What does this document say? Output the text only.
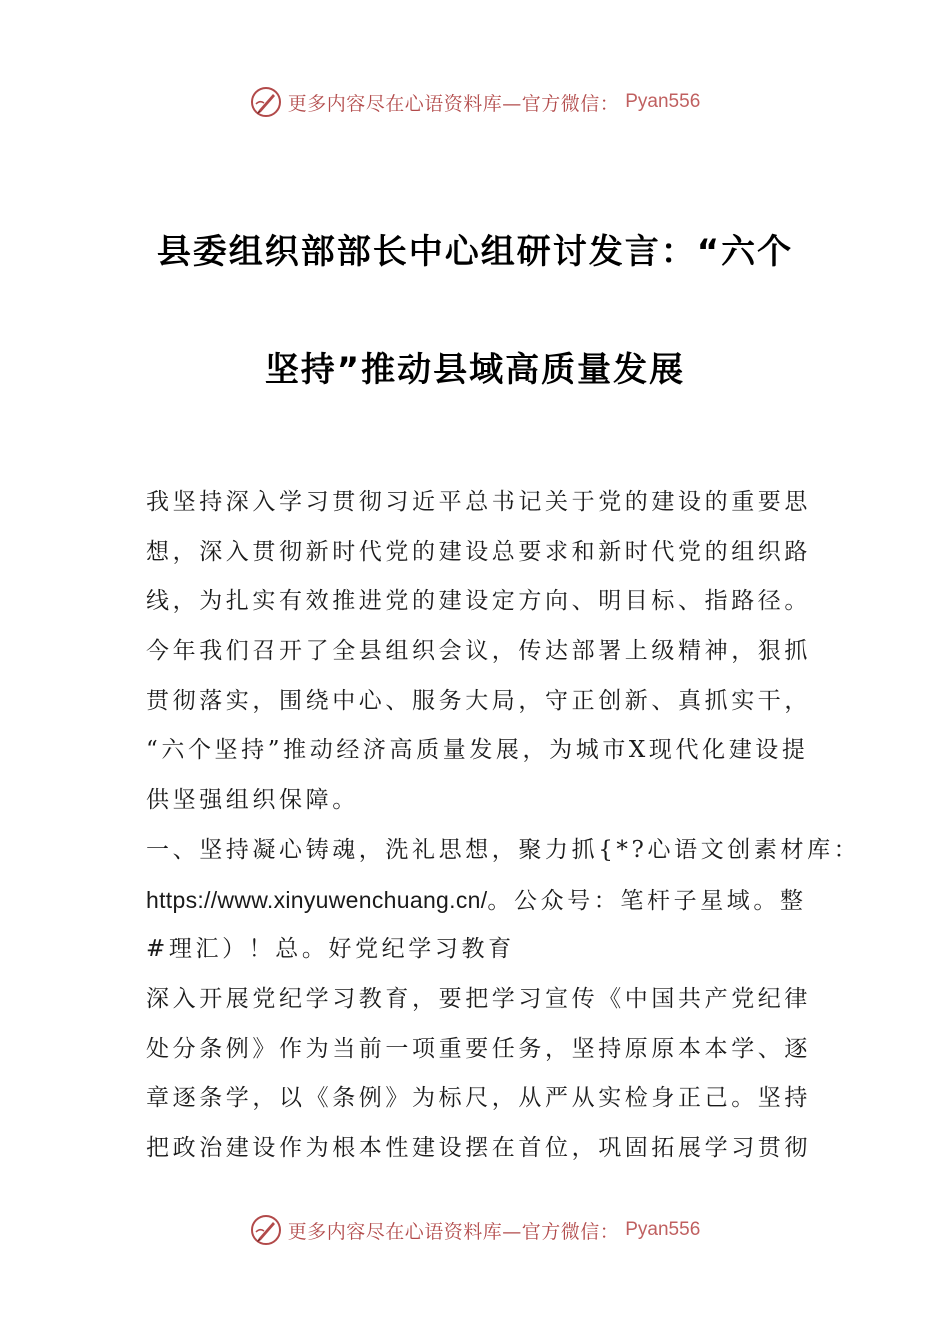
更多内容尽在心语资料库—官方微信： Pyan556
县委组织部部长中心组研讨发言：“六个
坚持”推动县域高质量发展
我坚持深入学习贯彻习近平总书记关于党的建设的重要思
想，深入贯彻新时代党的建设总要求和新时代党的组织路
线，为扎实有效推进党的建设定方向、明目标、指路径。
今年我们召开了全县组织会议，传达部署上级精神，狠抓
贯彻落实，围绕中心、服务大局，守正创新、真抓实干，
“六个坚持”推动经济高质量发展，为城市X现代化建设提
供坚强组织保障。
一、坚持凝心铸魂，洗礼思想，聚力抓{*?心语文创素材库：
https://www.xinyuwenchuang.cn/。公众号：笔杆子星域。整
#理汇）！总。好党纪学习教育
深入开展党纪学习教育，要把学习宣传《中国共产党纪律
处分条例》作为当前一项重要任务，坚持原原本本学、逐
章逐条学，以《条例》为标尺，从严从实检身正己。坚持
把政治建设作为根本性建设摆在首位，巩固拓展学习贯彻
更多内容尽在心语资料库—官方微信： Pyan556
